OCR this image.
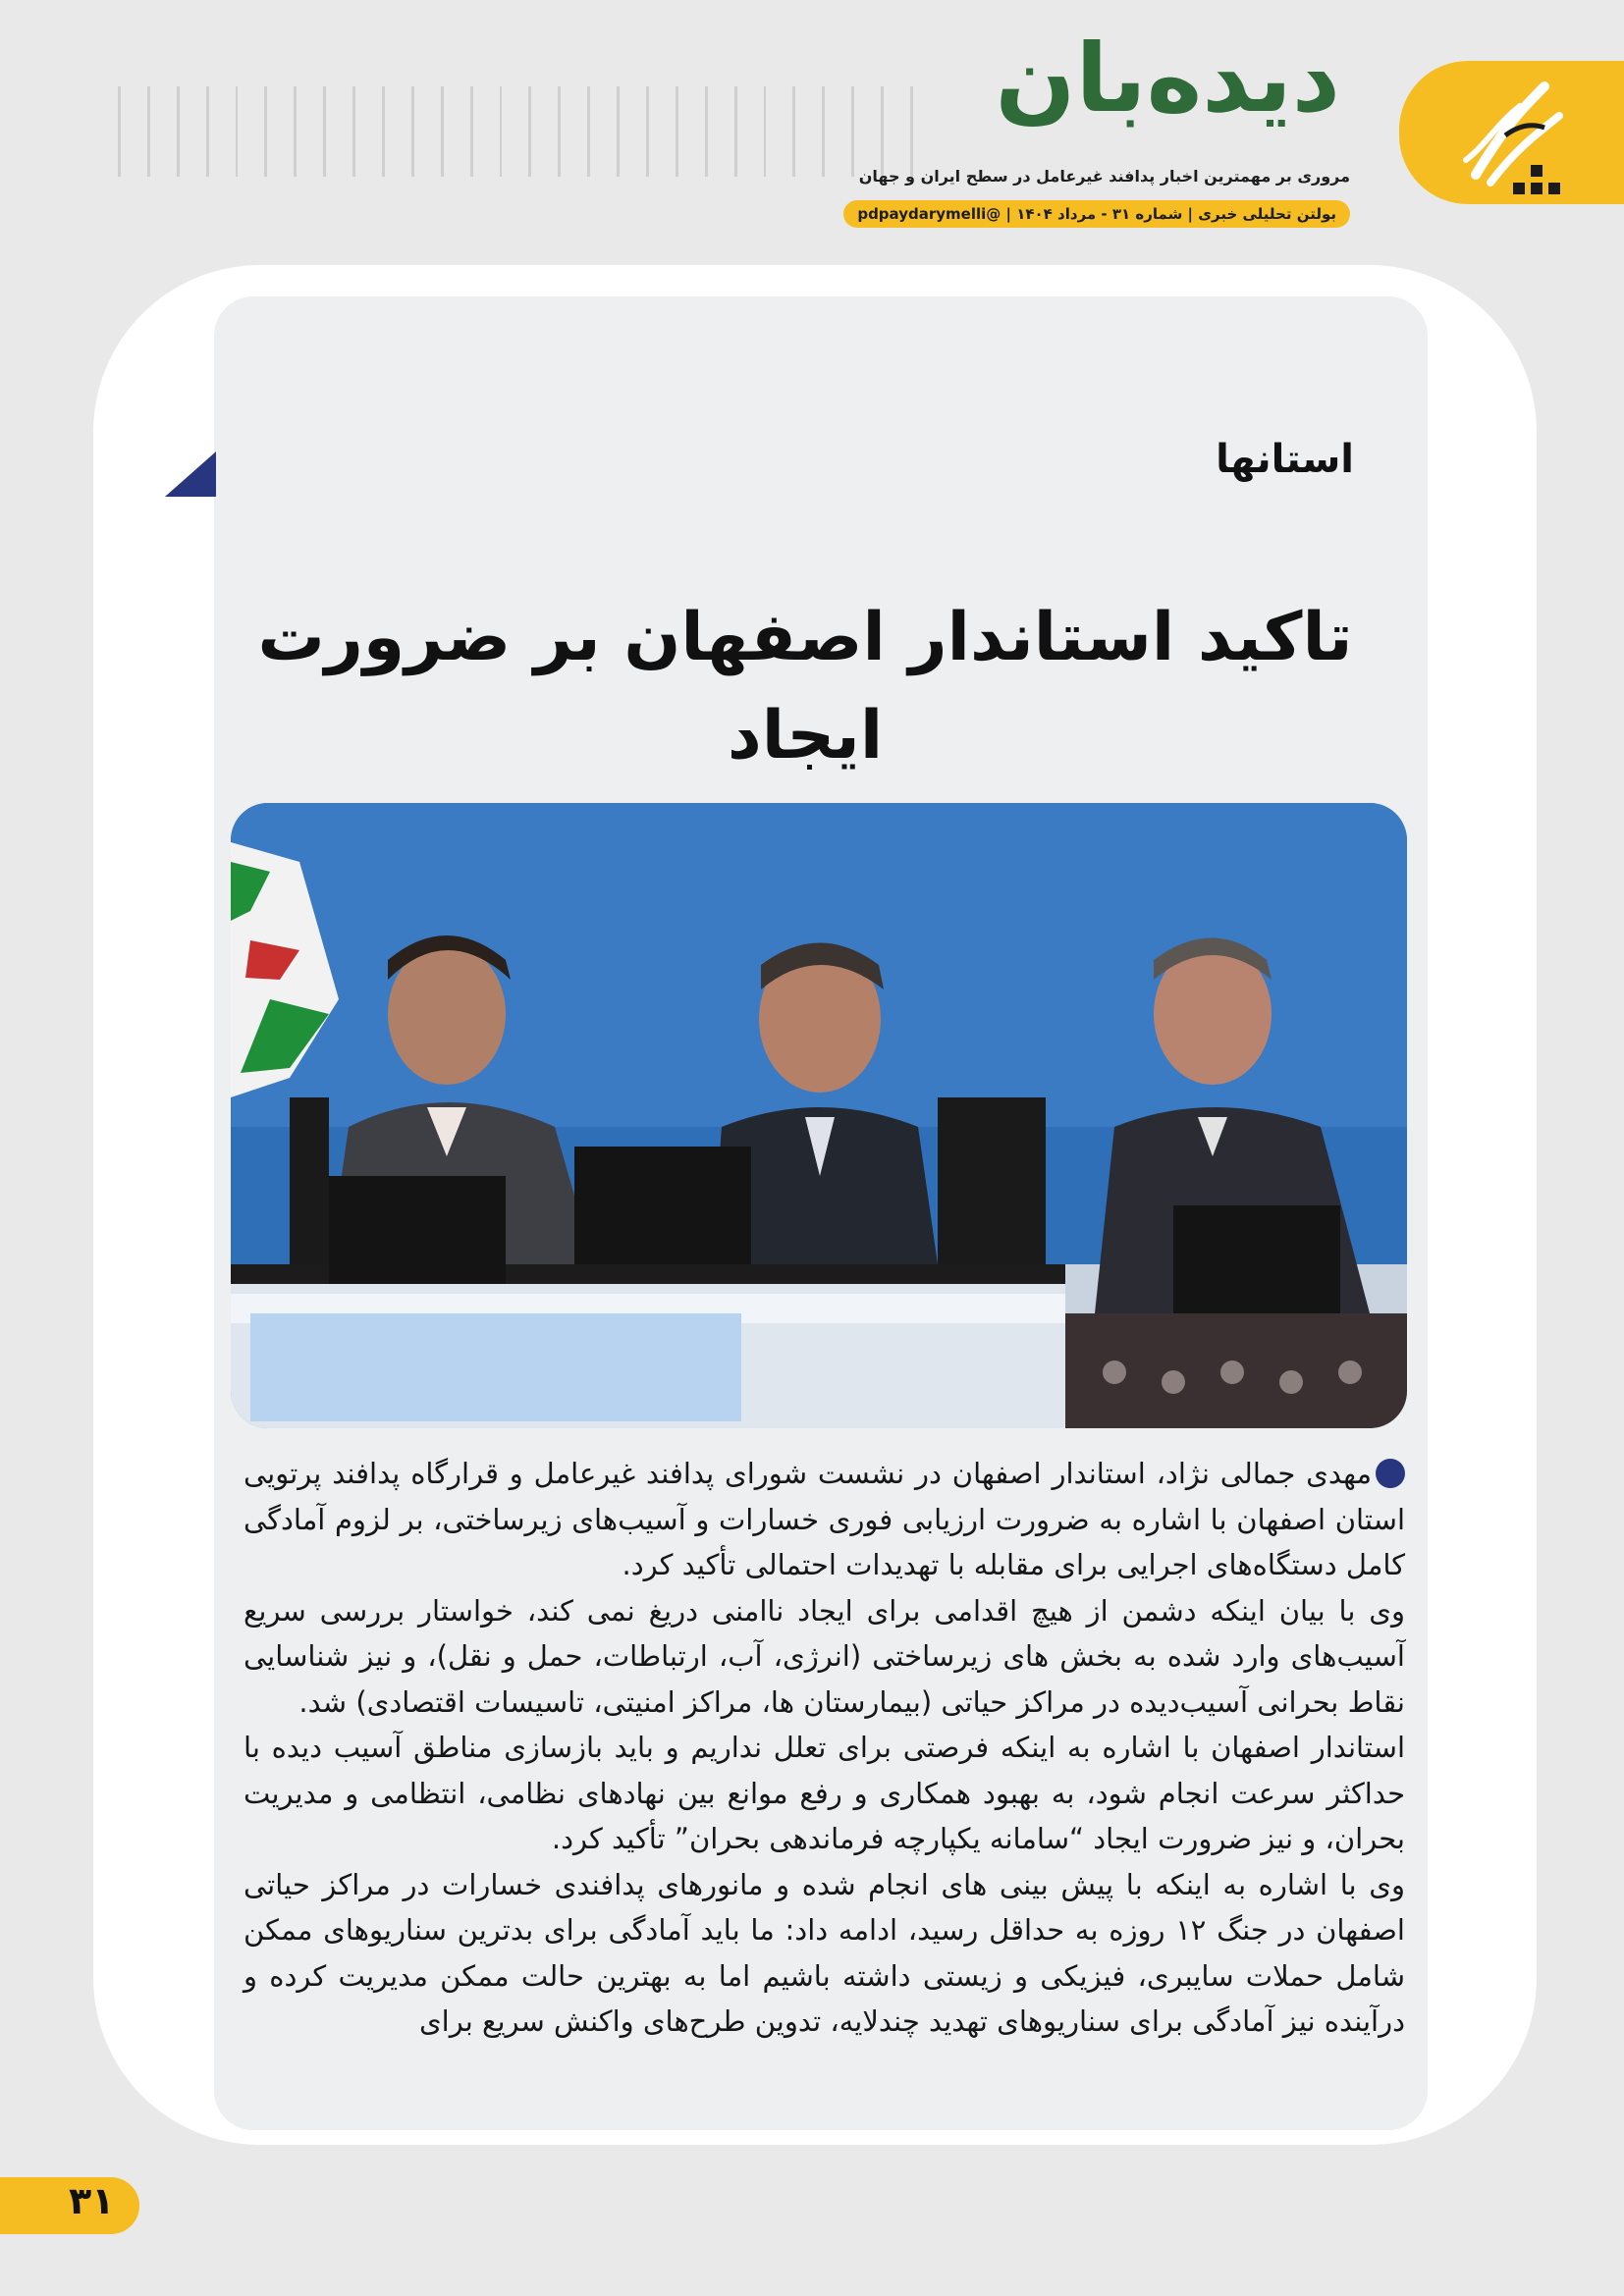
دیده‌بان
مروری بر مهمترین اخبار پدافند غیرعامل در سطح ایران و جهان
بولتن تحلیلی خبری | شماره ۳۱ - مرداد ۱۴۰۴ | @pdpaydarymelli
استانها
تاکید استاندار اصفهان بر ضرورت ایجاد

مهدی جمالی نژاد، استاندار اصفهان در نشست شورای پدافند غیرعامل و قرارگاه پدافند پرتویی استان اصفهان با اشاره به ضرورت ارزیابی فوری خسارات و آسیب‌های زیرساختی، بر لزوم آمادگی کامل دستگاه‌های اجرایی برای مقابله با تهدیدات احتمالی تأکید کرد.

وی با بیان اینکه دشمن از هیچ اقدامی برای ایجاد ناامنی دریغ نمی کند، خواستار بررسی سریع آسیب‌های وارد شده به بخش های زیرساختی (انرژی، آب، ارتباطات، حمل و نقل)، و نیز شناسایی نقاط بحرانی آسیب‌دیده در مراکز حیاتی (بیمارستان ها، مراکز امنیتی، تاسیسات اقتصادی) شد.

استاندار اصفهان با اشاره به اینکه فرصتی برای تعلل نداریم و باید بازسازی مناطق آسیب دیده با حداکثر سرعت انجام شود، به بهبود همکاری و رفع موانع بین نهادهای نظامی، انتظامی و مدیریت بحران، و نیز ضرورت ایجاد “سامانه یکپارچه فرماندهی بحران” تأکید کرد.

وی با اشاره به اینکه با پیش بینی های انجام شده و مانورهای پدافندی خسارات در مراکز حیاتی اصفهان در جنگ ۱۲ روزه به حداقل رسید، ادامه داد: ما باید آمادگی برای بدترین سناریوهای ممکن شامل حملات سایبری، فیزیکی و زیستی داشته باشیم اما به بهترین حالت ممکن مدیریت کرده و درآینده نیز آمادگی برای سناریوهای تهدید چندلایه، تدوین طرح‌های واکنش سریع برای

۳۱
